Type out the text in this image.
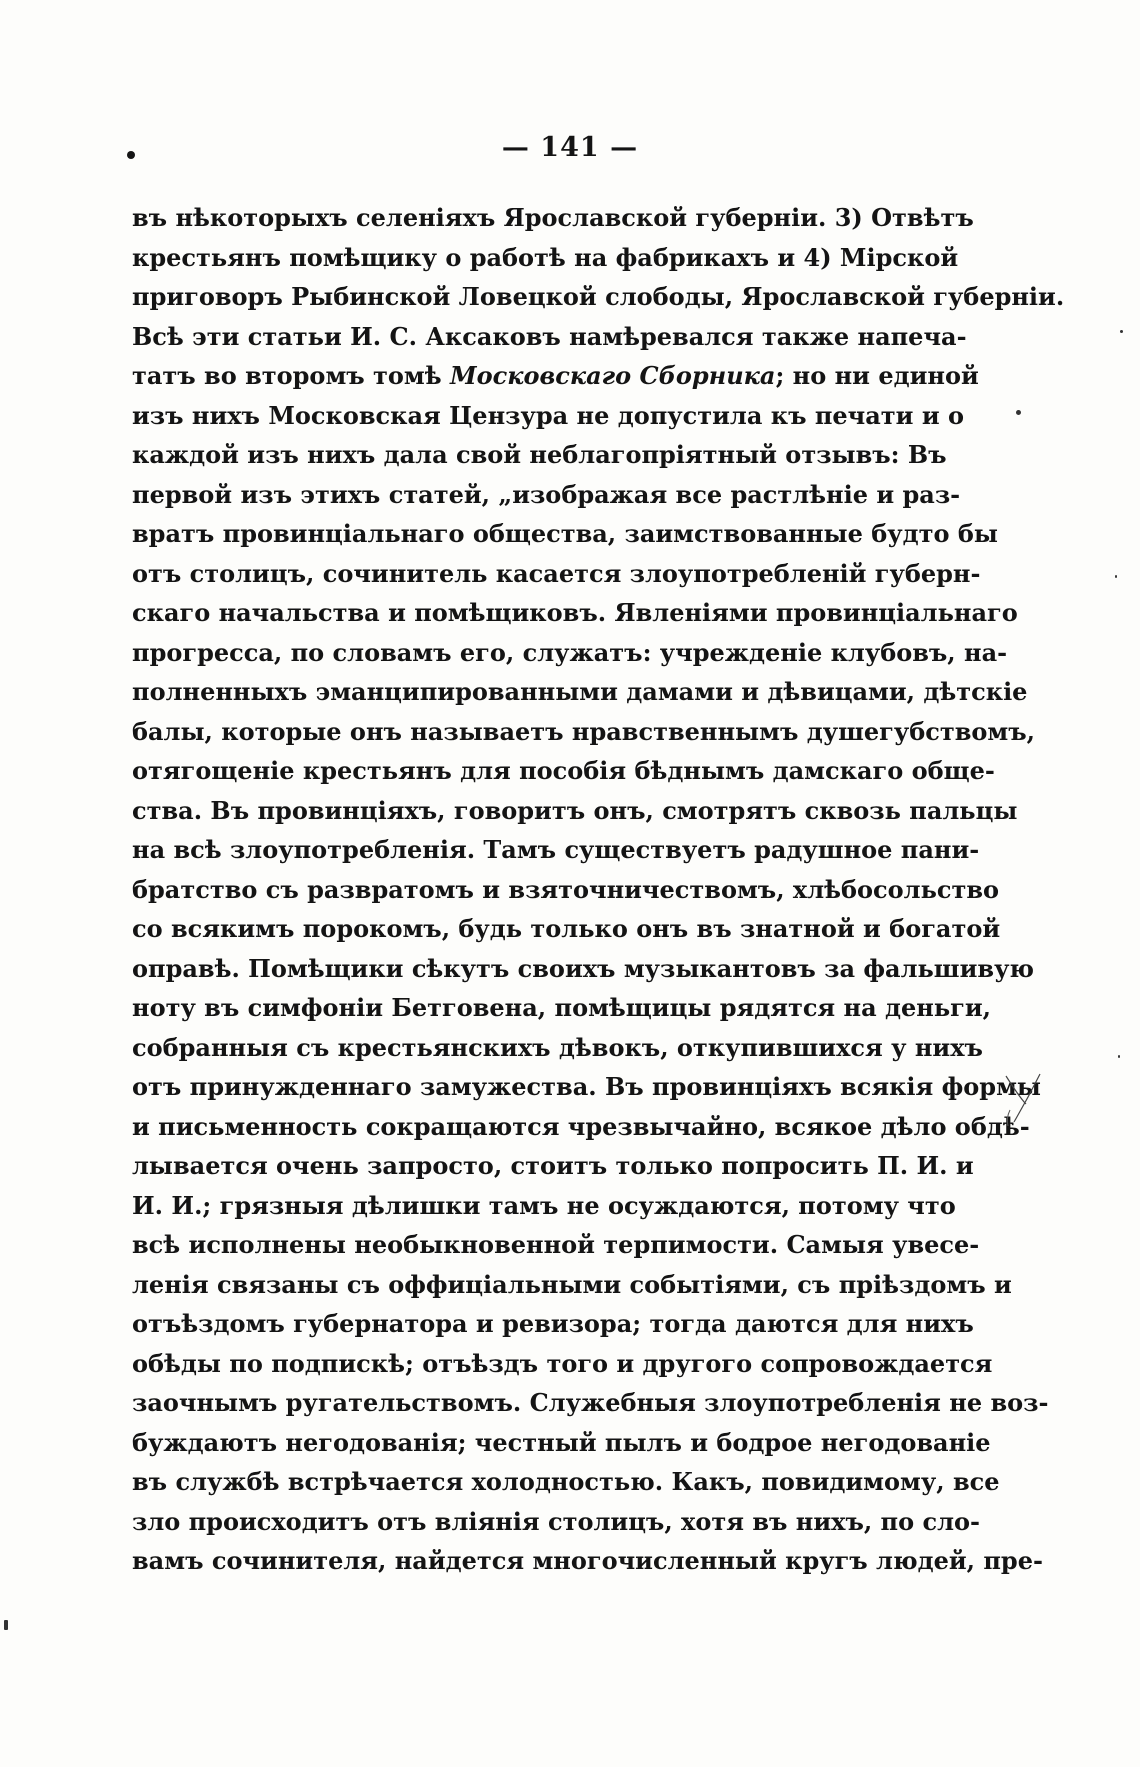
— 141 —
въ нѣкоторыхъ селеніяхъ Ярославской губерніи. 3) Отвѣтъ
крестьянъ помѣщику о работѣ на фабрикахъ и 4) Мірской
приговоръ Рыбинской Ловецкой слободы, Ярославской губерніи.
Всѣ эти статьи И. С. Аксаковъ намѣревался также напеча-
татъ во второмъ томѣ Московскаго Сборника; но ни единой
изъ нихъ Московская Цензура не допустила къ печати и о
каждой изъ нихъ дала свой неблагопріятный отзывъ: Въ
первой изъ этихъ статей, „изображая все растлѣніе и раз-
вратъ провинціальнаго общества, заимствованные будто бы
отъ столицъ, сочинитель касается злоупотребленій губерн-
скаго начальства и помѣщиковъ. Явленіями провинціальнаго
прогресса, по словамъ его, служатъ: учрежденіе клубовъ, на-
полненныхъ эманципированными дамами и дѣвицами, дѣтскіе
балы, которые онъ называетъ нравственнымъ душегубствомъ,
отягощеніе крестьянъ для пособія бѣднымъ дамскаго обще-
ства. Въ провинціяхъ, говоритъ онъ, смотрятъ сквозь пальцы
на всѣ злоупотребленія. Тамъ существуетъ радушное пани-
братство съ развратомъ и взяточничествомъ, хлѣбосольство
со всякимъ порокомъ, будь только онъ въ знатной и богатой
оправѣ. Помѣщики сѣкутъ своихъ музыкантовъ за фальшивую
ноту въ симфоніи Бетговена, помѣщицы рядятся на деньги,
собранныя съ крестьянскихъ дѣвокъ, откупившихся у нихъ
отъ принужденнаго замужества. Въ провинціяхъ всякія формы
и письменность сокращаются чрезвычайно, всякое дѣло обдѣ-
лывается очень запросто, стоитъ только попросить П. И. и
И. И.; грязныя дѣлишки тамъ не осуждаются, потому что
всѣ исполнены необыкновенной терпимости. Самыя увесе-
ленія связаны съ оффиціальными событіями, съ пріѣздомъ и
отъѣздомъ губернатора и ревизора; тогда даются для нихъ
обѣды по подпискѣ; отъѣздъ того и другого сопровождается
заочнымъ ругательствомъ. Служебныя злоупотребленія не воз-
буждаютъ негодованія; честный пылъ и бодрое негодованіе
въ службѣ встрѣчается холодностью. Какъ, повидимому, все
зло происходитъ отъ вліянія столицъ, хотя въ нихъ, по сло-
вамъ сочинителя, найдется многочисленный кругъ людей, пре-
